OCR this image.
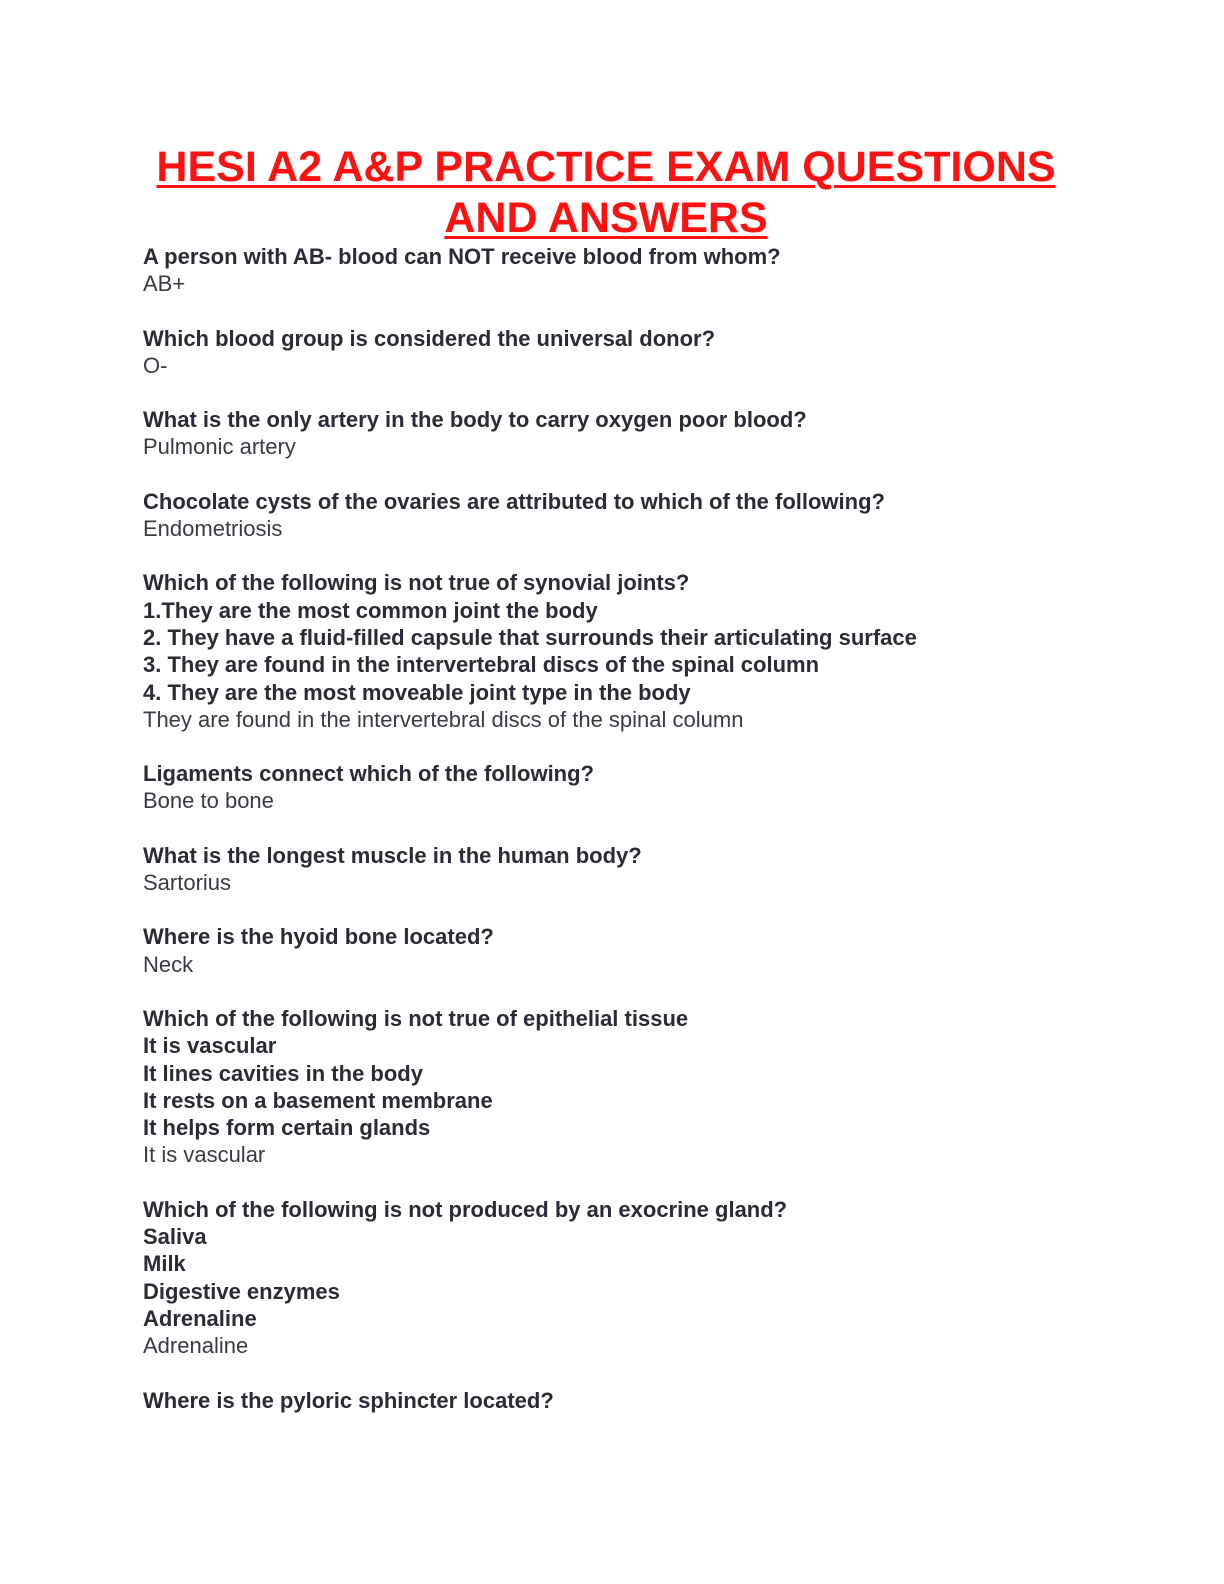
HESI A2 A&P PRACTICE EXAM QUESTIONS AND ANSWERS
A person with AB- blood can NOT receive blood from whom?
AB+
Which blood group is considered the universal donor?
O-
What is the only artery in the body to carry oxygen poor blood?
Pulmonic artery
Chocolate cysts of the ovaries are attributed to which of the following?
Endometriosis
Which of the following is not true of synovial joints?
1.They are the most common joint the body
2. They have a fluid-filled capsule that surrounds their articulating surface
3. They are found in the intervertebral discs of the spinal column
4. They are the most moveable joint type in the body
They are found in the intervertebral discs of the spinal column
Ligaments connect which of the following?
Bone to bone
What is the longest muscle in the human body?
Sartorius
Where is the hyoid bone located?
Neck
Which of the following is not true of epithelial tissue
It is vascular
It lines cavities in the body
It rests on a basement membrane
It helps form certain glands
It is vascular
Which of the following is not produced by an exocrine gland?
Saliva
Milk
Digestive enzymes
Adrenaline
Adrenaline
Where is the pyloric sphincter located?
